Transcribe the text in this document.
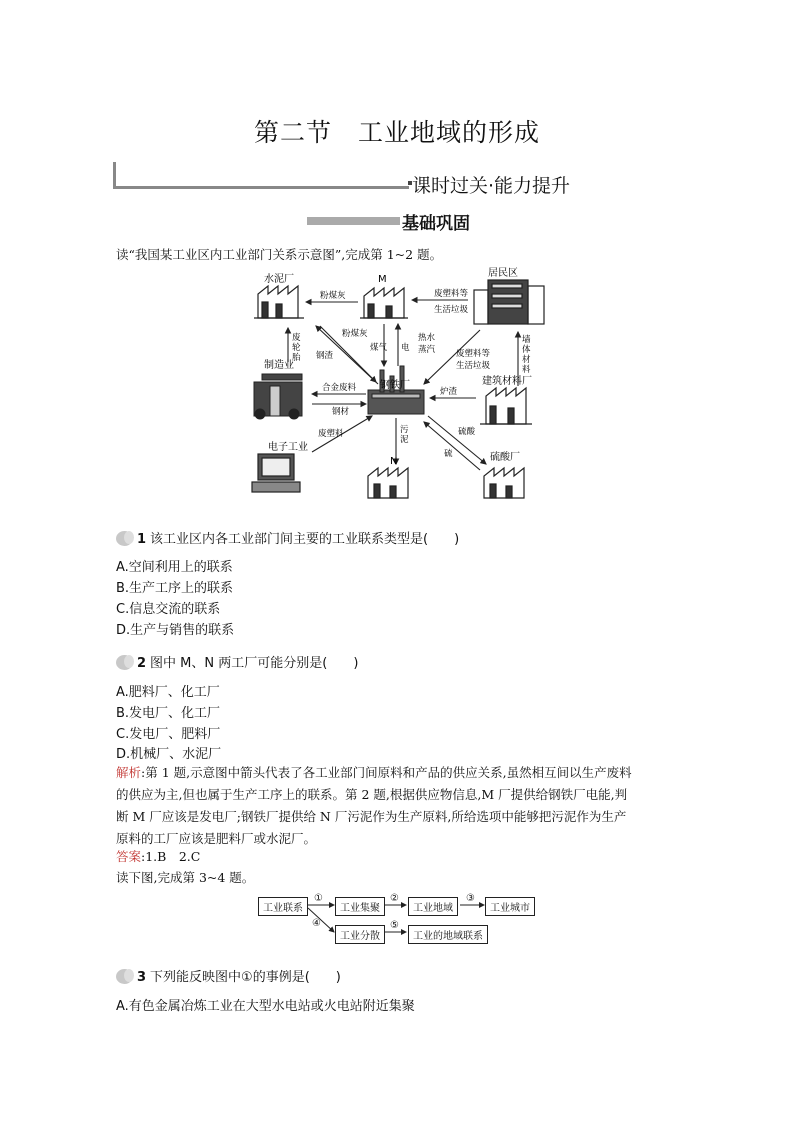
第二节　工业地域的形成
课时过关·能力提升
基础巩固
读“我国某工业区内工业部门关系示意图”,完成第 1~2 题。
水泥厂	M
居民区
制造业
钢铁厂	建筑材料厂
电子工业
N	硫酸厂
粉煤灰	废塑料等
生活垃圾
废
轮
胎
粉煤灰
钢渣
煤气 电
热水
蒸汽 废塑料等
生活垃圾
墙
体
材
料
合金废料
钢材
炉渣
废塑料	污
泥
硫酸
硫
1 该工业区内各工业部门间主要的工业联系类型是(　　)
A.空间利用上的联系
B.生产工序上的联系
C.信息交流的联系
D.生产与销售的联系
2 图中 M、N 两工厂可能分别是(　　)
A.肥料厂、化工厂
B.发电厂、化工厂
C.发电厂、肥料厂
D.机械厂、水泥厂
解析:第 1 题,示意图中箭头代表了各工业部门间原料和产品的供应关系,虽然相互间以生产废料
的供应为主,但也属于生产工序上的联系。第 2 题,根据供应物信息,M 厂提供给钢铁厂电能,判
断 M 厂应该是发电厂;钢铁厂提供给 N 厂污泥作为生产原料,所给选项中能够把污泥作为生产
原料的工厂应该是肥料厂或水泥厂。
答案:1.B　2.C
读下图,完成第 3~4 题。
工业联系	工业集聚	工业地域	工业城市
工业分散	工业的地域联系
①	②	③
④	⑤
3 下列能反映图中①的事例是(　　)
A.有色金属冶炼工业在大型水电站或火电站附近集聚
